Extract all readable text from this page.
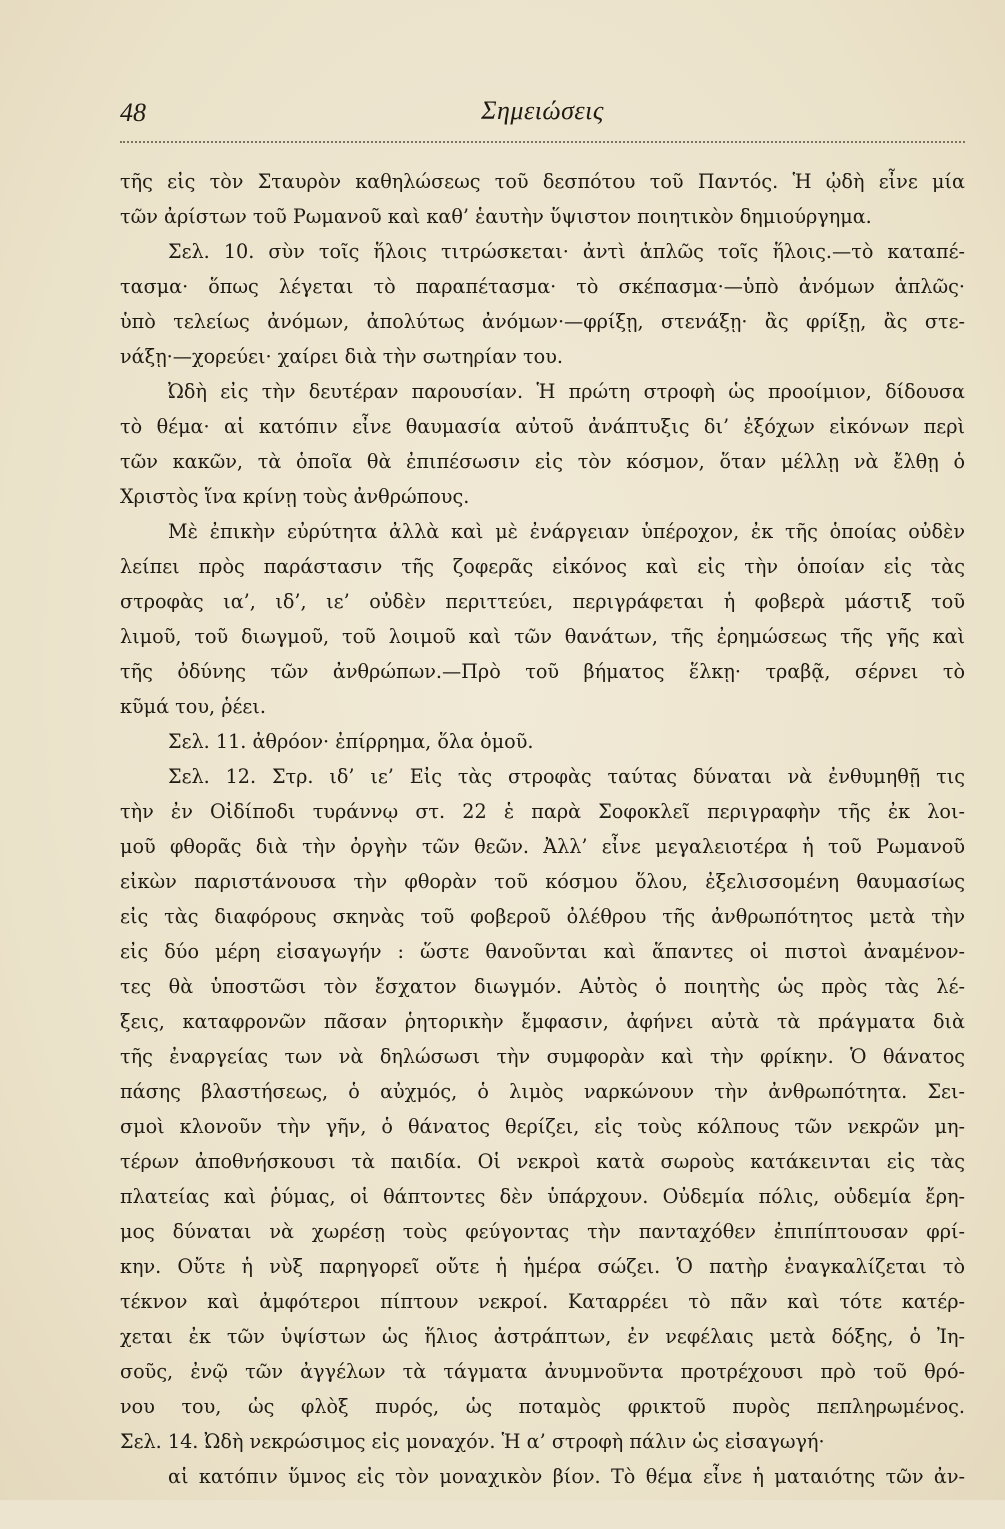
48	Σημειώσεις
τῆς εἰς τὸν Σταυρὸν καθηλώσεως τοῦ δεσπότου τοῦ Παντός. Ἡ ᾠδὴ εἶνε μία
τῶν ἀρίστων τοῦ Ρωμανοῦ καὶ καθ’ ἑαυτὴν ὕψιστον ποιητικὸν δημιούργημα.
Σελ. 10. σὺν τοῖς ἥλοις τιτρώσκεται· ἀντὶ ἁπλῶς τοῖς ἥλοις.—τὸ καταπέ-
τασμα· ὅπως λέγεται τὸ παραπέτασμα· τὸ σκέπασμα·—ὑπὸ ἀνόμων ἁπλῶς·
ὑπὸ τελείως ἀνόμων, ἀπολύτως ἀνόμων·—φρίξῃ, στενάξῃ· ἂς φρίξῃ, ἂς στε-
νάξῃ·—χορεύει· χαίρει διὰ τὴν σωτηρίαν του.
Ὠδὴ εἰς τὴν δευτέραν παρουσίαν. Ἡ πρώτη στροφὴ ὡς προοίμιον, δίδουσα
τὸ θέμα· αἱ κατόπιν εἶνε θαυμασία αὐτοῦ ἀνάπτυξις δι’ ἐξόχων εἰκόνων περὶ
τῶν κακῶν, τὰ ὁποῖα θὰ ἐπιπέσωσιν εἰς τὸν κόσμον, ὅταν μέλλῃ νὰ ἔλθῃ ὁ
Χριστὸς ἵνα κρίνῃ τοὺς ἀνθρώπους.
Μὲ ἐπικὴν εὐρύτητα ἀλλὰ καὶ μὲ ἐνάργειαν ὑπέροχον, ἐκ τῆς ὁποίας οὐδὲν
λείπει πρὸς παράστασιν τῆς ζοφερᾶς εἰκόνος καὶ εἰς τὴν ὁποίαν εἰς τὰς
στροφὰς ια’, ιδ’, ιε’ οὐδὲν περιττεύει, περιγράφεται ἡ φοβερὰ μάστιξ τοῦ
λιμοῦ, τοῦ διωγμοῦ, τοῦ λοιμοῦ καὶ τῶν θανάτων, τῆς ἐρημώσεως τῆς γῆς καὶ
τῆς ὀδύνης τῶν ἀνθρώπων.—Πρὸ τοῦ βήματος ἕλκῃ· τραβᾷ, σέρνει τὸ
κῦμά του, ῥέει.
Σελ. 11. ἀθρόον· ἐπίρρημα, ὅλα ὁμοῦ.
Σελ. 12. Στρ. ιδ’ ιε’ Εἰς τὰς στροφὰς ταύτας δύναται νὰ ἐνθυμηθῇ τις
τὴν ἐν Οἰδίποδι τυράννῳ στ. 22 ἑ παρὰ Σοφοκλεῖ περιγραφὴν τῆς ἐκ λοι-
μοῦ φθορᾶς διὰ τὴν ὀργὴν τῶν θεῶν. Ἀλλ’ εἶνε μεγαλειοτέρα ἡ τοῦ Ρωμανοῦ
εἰκὼν παριστάνουσα τὴν φθορὰν τοῦ κόσμου ὅλου, ἐξελισσομένη θαυμασίως
εἰς τὰς διαφόρους σκηνὰς τοῦ φοβεροῦ ὀλέθρου τῆς ἀνθρωπότητος μετὰ τὴν
εἰς δύο μέρη εἰσαγωγήν : ὥστε θανοῦνται καὶ ἅπαντες οἱ πιστοὶ ἀναμένον-
τες θὰ ὑποστῶσι τὸν ἔσχατον διωγμόν. Αὐτὸς ὁ ποιητὴς ὡς πρὸς τὰς λέ-
ξεις, καταφρονῶν πᾶσαν ῥητορικὴν ἔμφασιν, ἀφήνει αὐτὰ τὰ πράγματα διὰ
τῆς ἐναργείας των νὰ δηλώσωσι τὴν συμφορὰν καὶ τὴν φρίκην. Ὁ θάνατος
πάσης βλαστήσεως, ὁ αὐχμός, ὁ λιμὸς ναρκώνουν τὴν ἀνθρωπότητα. Σει-
σμοὶ κλονοῦν τὴν γῆν, ὁ θάνατος θερίζει, εἰς τοὺς κόλπους τῶν νεκρῶν μη-
τέρων ἀποθνήσκουσι τὰ παιδία. Οἱ νεκροὶ κατὰ σωροὺς κατάκεινται εἰς τὰς
πλατείας καὶ ῥύμας, οἱ θάπτοντες δὲν ὑπάρχουν. Οὐδεμία πόλις, οὐδεμία ἔρη-
μος δύναται νὰ χωρέσῃ τοὺς φεύγοντας τὴν πανταχόθεν ἐπιπίπτουσαν φρί-
κην. Οὔτε ἡ νὺξ παρηγορεῖ οὔτε ἡ ἡμέρα σώζει. Ὁ πατὴρ ἐναγκαλίζεται τὸ
τέκνον καὶ ἀμφότεροι πίπτουν νεκροί. Καταρρέει τὸ πᾶν καὶ τότε κατέρ-
χεται ἐκ τῶν ὑψίστων ὡς ἥλιος ἀστράπτων, ἐν νεφέλαις μετὰ δόξης, ὁ Ἰη-
σοῦς, ἐνῷ τῶν ἀγγέλων τὰ τάγματα ἀνυμνοῦντα προτρέχουσι πρὸ τοῦ θρό-
νου του, ὡς φλὸξ πυρός, ὡς ποταμὸς φρικτοῦ πυρὸς πεπληρωμένος.
Σελ. 14. Ὠδὴ νεκρώσιμος εἰς μοναχόν. Ἡ α’ στροφὴ πάλιν ὡς εἰσαγωγή·
αἱ κατόπιν ὕμνος εἰς τὸν μοναχικὸν βίον. Τὸ θέμα εἶνε ἡ ματαιότης τῶν ἀν-
